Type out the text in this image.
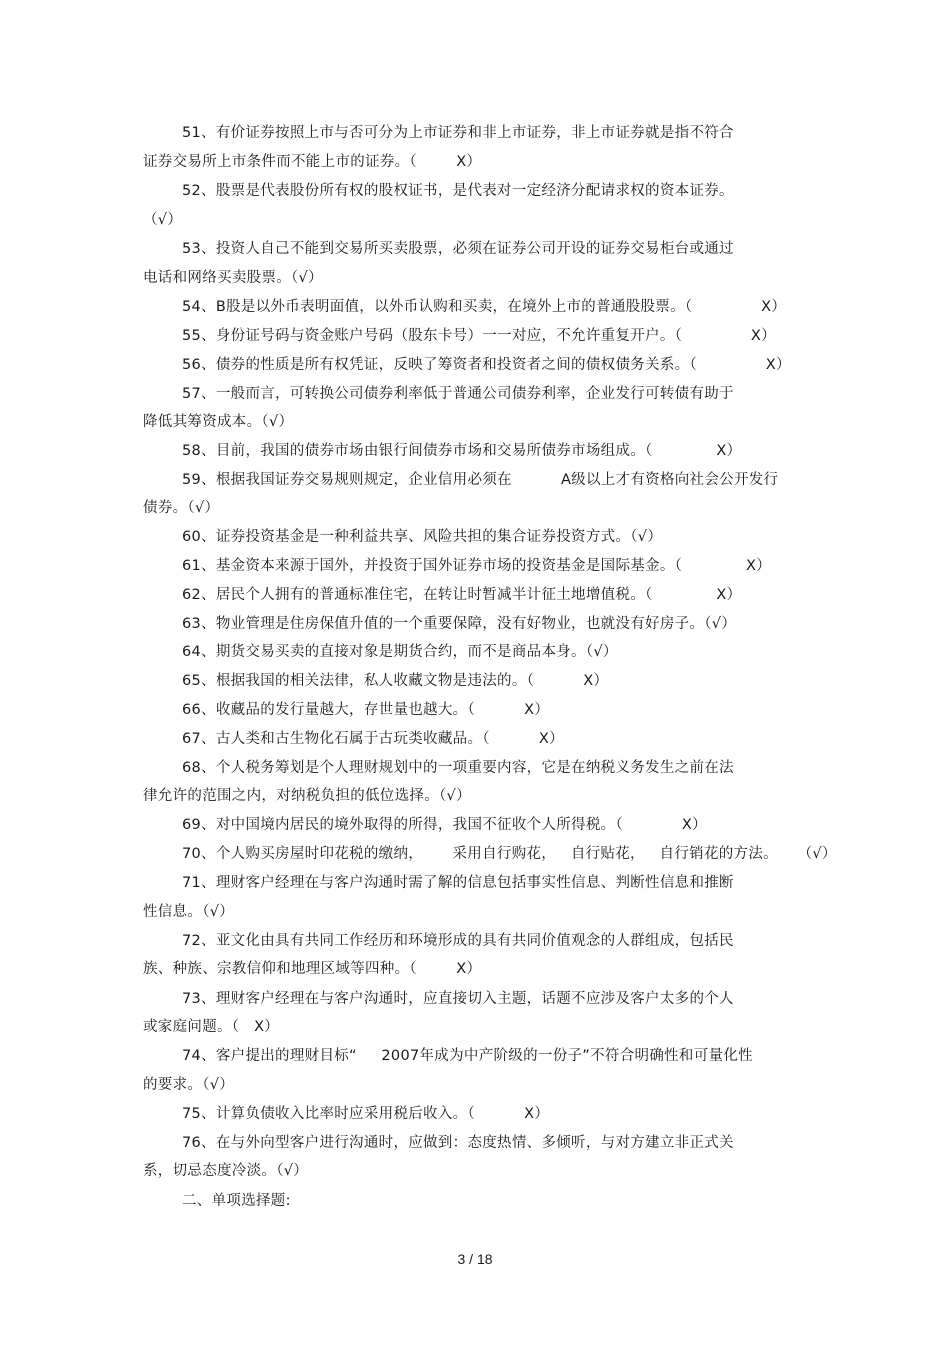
51、有价证券按照上市与否可分为上市证券和非上市证券，非上市证券就是指不符合
证券交易所上市条件而不能上市的证券。（        X）
52、股票是代表股份所有权的股权证书，是代表对一定经济分配请求权的资本证券。
（√）
53、投资人自己不能到交易所买卖股票，必须在证券公司开设的证券交易柜台或通过
电话和网络买卖股票。（√）
54、B股是以外币表明面值，以外币认购和买卖，在境外上市的普通股股票。（              X）
55、身份证号码与资金账户号码（股东卡号）一一对应，不允许重复开户。（              X）
56、债券的性质是所有权凭证，反映了筹资者和投资者之间的债权债务关系。（              X）
57、一般而言，可转换公司债券利率低于普通公司债券利率，企业发行可转债有助于
降低其筹资成本。（√）
58、目前，我国的债券市场由银行间债券市场和交易所债券市场组成。（             X）
59、根据我国证券交易规则规定，企业信用必须在          A级以上才有资格向社会公开发行
债券。（√）
60、证券投资基金是一种利益共享、风险共担的集合证券投资方式。（√）
61、基金资本来源于国外，并投资于国外证券市场的投资基金是国际基金。（             X）
62、居民个人拥有的普通标准住宅，在转让时暂减半计征土地增值税。（             X）
63、物业管理是住房保值升值的一个重要保障，没有好物业，也就没有好房子。（√）
64、期货交易买卖的直接对象是期货合约，而不是商品本身。（√）
65、根据我国的相关法律，私人收藏文物是违法的。（          X）
66、收藏品的发行量越大，存世量也越大。（          X）
67、古人类和古生物化石属于古玩类收藏品。（          X）
68、个人税务筹划是个人理财规划中的一项重要内容，它是在纳税义务发生之前在法
律允许的范围之内，对纳税负担的低位选择。（√）
69、对中国境内居民的境外取得的所得，我国不征收个人所得税。（            X）
70、个人购买房屋时印花税的缴纳，      采用自行购花，   自行贴花，   自行销花的方法。    （√）
71、理财客户经理在与客户沟通时需了解的信息包括事实性信息、判断性信息和推断
性信息。（√）
72、亚文化由具有共同工作经历和环境形成的具有共同价值观念的人群组成，包括民
族、种族、宗教信仰和地理区域等四种。（        X）
73、理财客户经理在与客户沟通时，应直接切入主题，话题不应涉及客户太多的个人
或家庭问题。（   X）
74、客户提出的理财目标“     2007年成为中产阶级的一份子”不符合明确性和可量化性
的要求。（√）
75、计算负债收入比率时应采用税后收入。（          X）
76、在与外向型客户进行沟通时，应做到：态度热情、多倾听，与对方建立非正式关
系，切忌态度冷淡。（√）
二、单项选择题:
3 / 18
